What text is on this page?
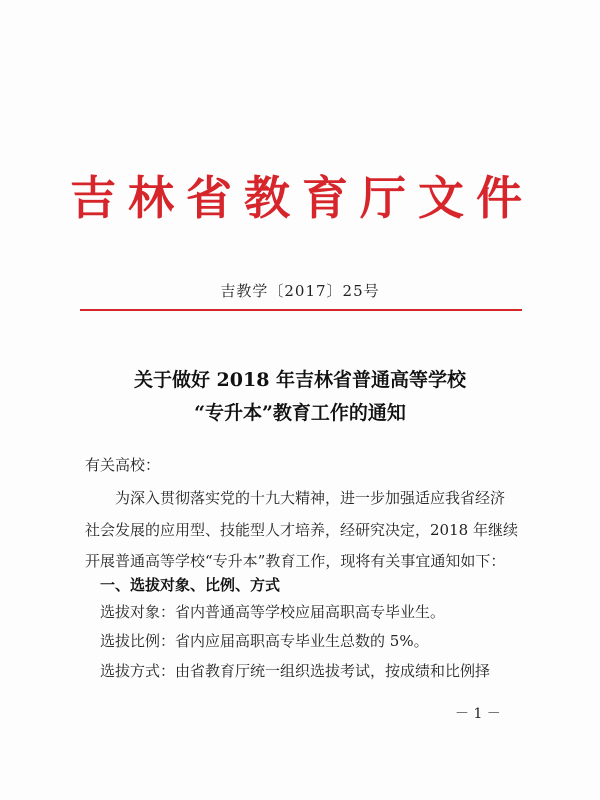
吉林省教育厅文件
吉教学〔2017〕25号
关于做好 2018 年吉林省普通高等学校
“专升本”教育工作的通知
有关高校：
　　为深入贯彻落实党的十九大精神，进一步加强适应我省经济
社会发展的应用型、技能型人才培养，经研究决定，2018 年继续
开展普通高等学校“专升本”教育工作，现将有关事宜通知如下：
　一、选拔对象、比例、方式
　选拔对象：省内普通高等学校应届高职高专毕业生。
　选拔比例：省内应届高职高专毕业生总数的 5%。
　选拔方式：由省教育厅统一组织选拔考试，按成绩和比例择
－ 1 －
